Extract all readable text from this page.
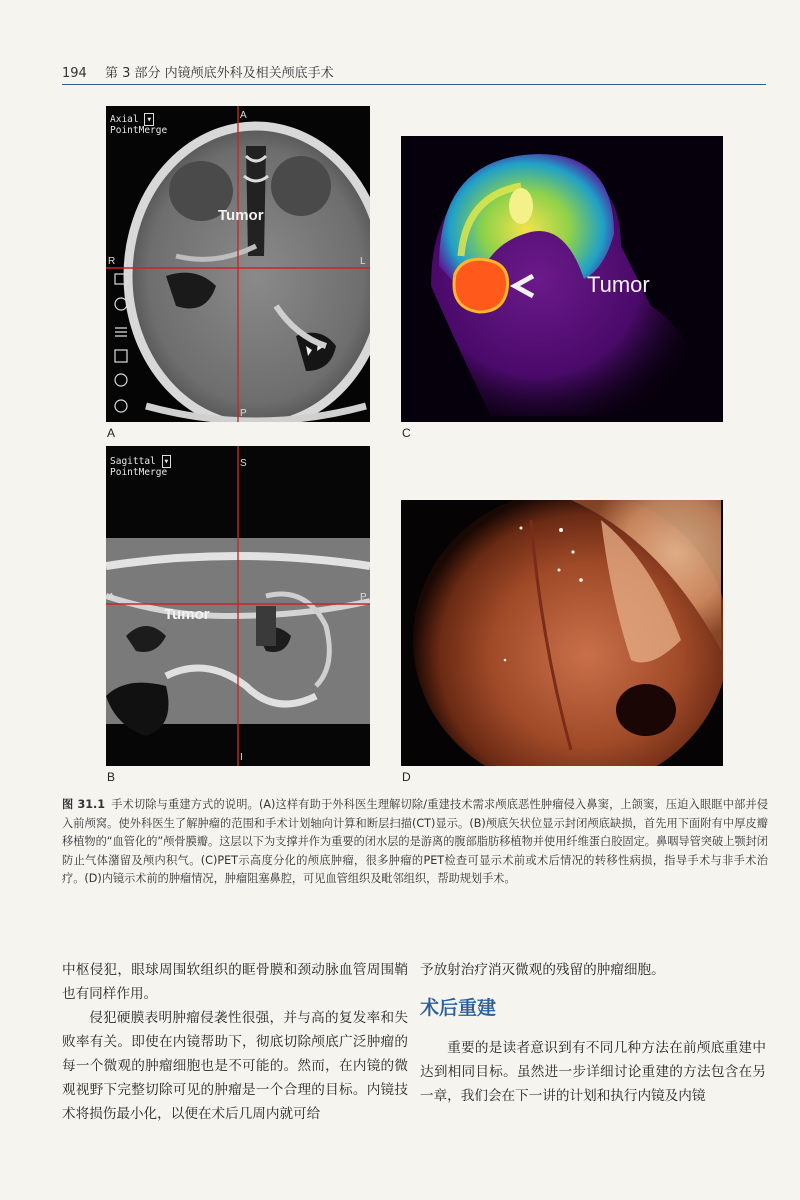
194 第 3 部分 内镜颅底外科及相关颅底手术
Axial ▾
PointMerge
Tumor
A
P
R	L
A
Tumor
C
Sagittal ▾
PointMerge
Tumor
S
I
A	P
B	D
图 31.1 手术切除与重建方式的说明。(A)这样有助于外科医生理解切除/重建技术需求颅底恶性肿瘤侵入鼻窦，上颌窦，压迫入眼眶中部并侵入前颅窝。使外科医生了解肿瘤的范围和手术计划轴向计算和断层扫描(CT)显示。(B)颅底矢状位显示封闭颅底缺损，首先用下面附有中厚皮瓣移植物的“血管化的”颅骨膜瓣。这层以下为支撑并作为重要的闭水层的是游离的腹部脂肪移植物并使用纤维蛋白胶固定。鼻咽导管突破上颚封闭防止气体潴留及颅内积气。(C)PET示高度分化的颅底肿瘤，很多肿瘤的PET检查可显示术前或术后情况的转移性病损，指导手术与非手术治疗。(D)内镜示术前的肿瘤情况，肿瘤阻塞鼻腔，可见血管组织及毗邻组织，帮助规划手术。

中枢侵犯，眼球周围软组织的眶骨膜和颈动脉血管周围鞘也有同样作用。

侵犯硬膜表明肿瘤侵袭性很强，并与高的复发率和失败率有关。即使在内镜帮助下，彻底切除颅底广泛肿瘤的每一个微观的肿瘤细胞也是不可能的。然而，在内镜的微观视野下完整切除可见的肿瘤是一个合理的目标。内镜技术将损伤最小化，以便在术后几周内就可给

予放射治疗消灭微观的残留的肿瘤细胞。

术后重建

重要的是读者意识到有不同几种方法在前颅底重建中达到相同目标。虽然进一步详细讨论重建的方法包含在另一章，我们会在下一讲的计划和执行内镜及内镜
